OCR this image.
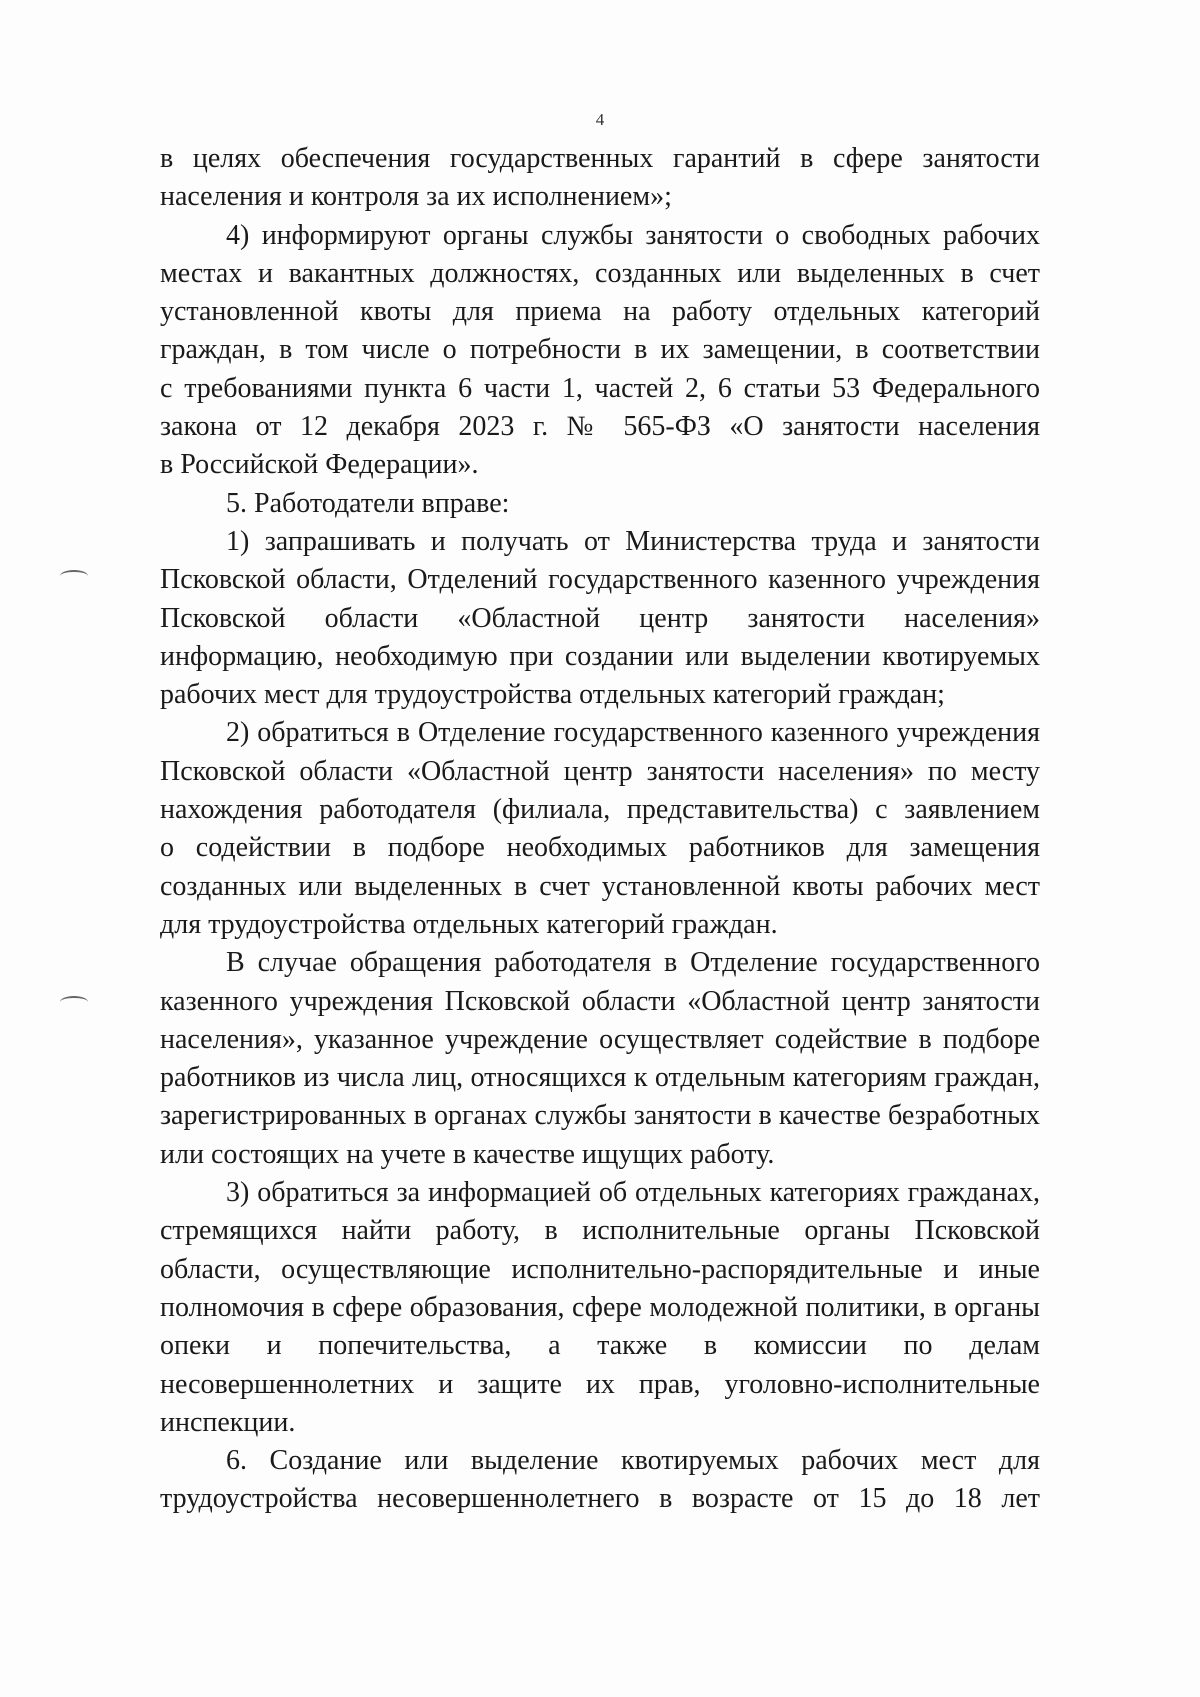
4
в целях обеспечения государственных гарантий в сфере занятости
населения и контроля за их исполнением»;
4) информируют органы службы занятости о свободных рабочих
местах и вакантных должностях, созданных или выделенных в счет
установленной квоты для приема на работу отдельных категорий
граждан, в том числе о потребности в их замещении, в соответствии
с требованиями пункта 6 части 1, частей 2, 6 статьи 53 Федерального
закона от 12 декабря 2023 г. № 565-ФЗ «О занятости населения
в Российской Федерации».
5. Работодатели вправе:
1) запрашивать и получать от Министерства труда и занятости
Псковской области, Отделений государственного казенного учреждения
Псковской области «Областной центр занятости населения»
информацию, необходимую при создании или выделении квотируемых
рабочих мест для трудоустройства отдельных категорий граждан;
2) обратиться в Отделение государственного казенного учреждения
Псковской области «Областной центр занятости населения» по месту
нахождения работодателя (филиала, представительства) с заявлением
о содействии в подборе необходимых работников для замещения
созданных или выделенных в счет установленной квоты рабочих мест
для трудоустройства отдельных категорий граждан.
В случае обращения работодателя в Отделение государственного
казенного учреждения Псковской области «Областной центр занятости
населения», указанное учреждение осуществляет содействие в подборе
работников из числа лиц, относящихся к отдельным категориям граждан,
зарегистрированных в органах службы занятости в качестве безработных
или состоящих на учете в качестве ищущих работу.
3) обратиться за информацией об отдельных категориях гражданах,
стремящихся найти работу, в исполнительные органы Псковской
области, осуществляющие исполнительно-распорядительные и иные
полномочия в сфере образования, сфере молодежной политики, в органы
опеки и попечительства, а также в комиссии по делам
несовершеннолетних и защите их прав, уголовно-исполнительные
инспекции.
6. Создание или выделение квотируемых рабочих мест для
трудоустройства несовершеннолетнего в возрасте от 15 до 18 лет
